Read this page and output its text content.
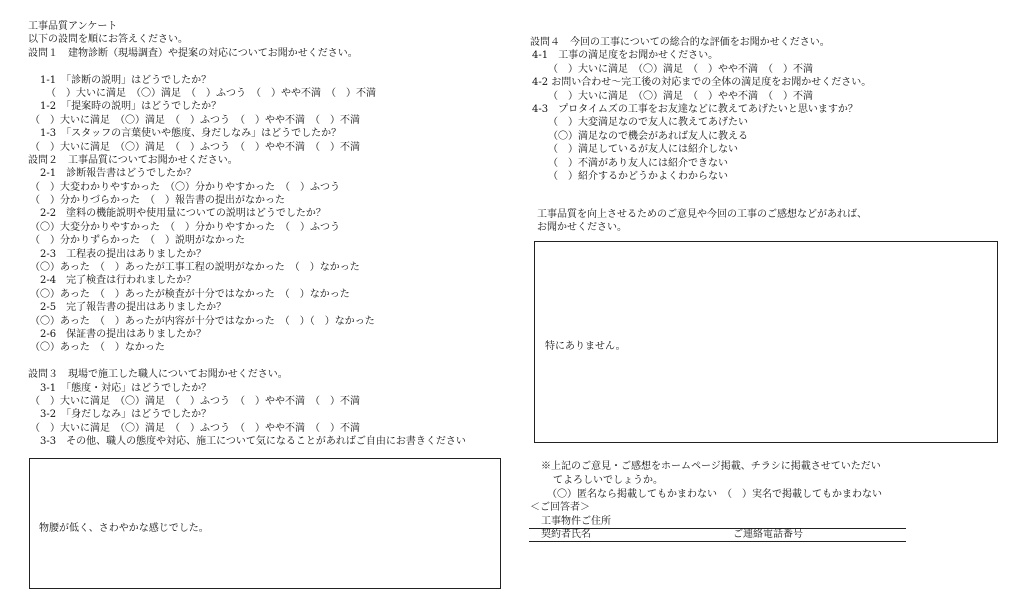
工事品質アンケート
以下の設問を順にお答えください。
設問１　建物診断（現場調査）や提案の対応についてお聞かせください。
1-1　「診断の説明」はどうでしたか？
（　）大いに満足　（〇）満足　（　）ふつう　（　）やや不満　（　）不満
1-2　「提案時の説明」はどうでしたか？
（　）大いに満足　（〇）満足　（　）ふつう　（　）やや不満　（　）不満
1-3　「スタッフの言葉使いや態度、身だしなみ」はどうでしたか？
（　）大いに満足　（〇）満足　（　）ふつう　（　）やや不満　（　）不満
設問２　工事品質についてお聞かせください。
2-1　診断報告書はどうでしたか？
（　）大変わかりやすかった　（〇）分かりやすかった　（　）ふつう
（　）分かりづらかった　（　）報告書の提出がなかった
2-2　塗料の機能説明や使用量についての説明はどうでしたか？
（〇）大変分かりやすかった　（　）分かりやすかった　（　）ふつう
（　）分かりずらかった　（　）説明がなかった
2-3　工程表の提出はありましたか？
（〇）あった　（　）あったが工事工程の説明がなかった　（　）なかった
2-4　完了検査は行われましたか？
（〇）あった　（　）あったが検査が十分ではなかった　（　）なかった
2-5　完了報告書の提出はありましたか？
（〇）あった　（　）あったが内容が十分ではなかった　（　）（　）なかった
2-6　保証書の提出はありましたか？
（〇）あった　（　）なかった
設問３　現場で施工した職人についてお聞かせください。
3-1　「態度・対応」はどうでしたか？
（　）大いに満足　（〇）満足　（　）ふつう　（　）やや不満　（　）不満
3-2　「身だしなみ」はどうでしたか？
（　）大いに満足　（〇）満足　（　）ふつう　（　）やや不満　（　）不満
3-3　その他、職人の態度や対応、施工について気になることがあればご自由にお書きください
物腰が低く、さわやかな感じでした。
設問４　今回の工事についての総合的な評価をお聞かせください。
4-1　工事の満足度をお聞かせください。
（　）大いに満足　（〇）満足　（　）やや不満　（　）不満
4-2 お問い合わせ～完工後の対応までの全体の満足度をお聞かせください。
（　）大いに満足　（〇）満足　（　）やや不満　（　）不満
4-3　プロタイムズの工事をお友達などに教えてあげたいと思いますか？
（　）大変満足なので友人に教えてあげたい
（〇）満足なので機会があれば友人に教える
（　）満足しているが友人には紹介しない
（　）不満があり友人には紹介できない
（　）紹介するかどうかよくわからない
工事品質を向上させるためのご意見や今回の工事のご感想などがあれば、
お聞かせください。
特にありません。
※上記のご意見・ご感想をホームページ掲載、チラシに掲載させていただい
てよろしいでしょうか。
（〇）匿名なら掲載してもかまわない　（　）実名で掲載してもかまわない
＜ご回答者＞
工事物件ご住所
契約者氏名	ご連絡電話番号
